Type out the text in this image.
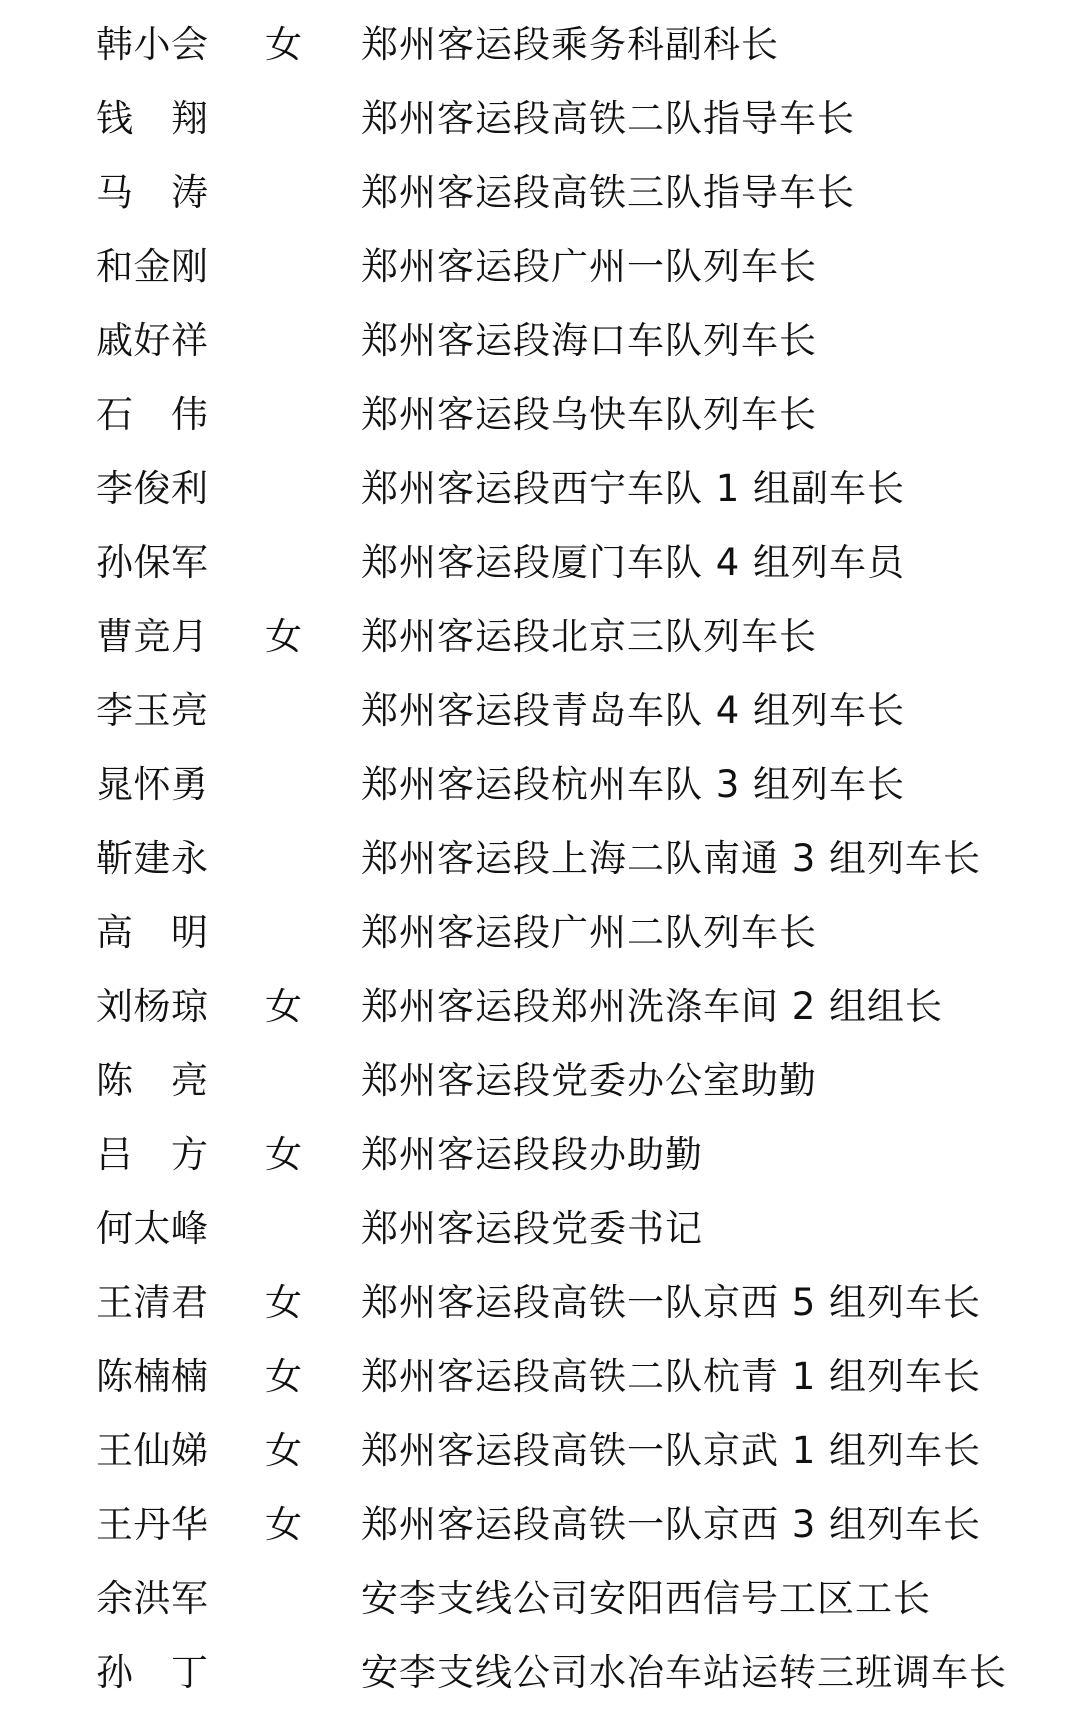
韩小会 女	郑州客运段乘务科副科长
钱　翔	郑州客运段高铁二队指导车长
马　涛	郑州客运段高铁三队指导车长
和金刚	郑州客运段广州一队列车长
戚好祥	郑州客运段海口车队列车长
石　伟	郑州客运段乌快车队列车长
李俊利	郑州客运段西宁车队 1 组副车长
孙保军	郑州客运段厦门车队 4 组列车员
曹竞月 女	郑州客运段北京三队列车长
李玉亮	郑州客运段青岛车队 4 组列车长
晁怀勇	郑州客运段杭州车队 3 组列车长
靳建永	郑州客运段上海二队南通 3 组列车长
高　明	郑州客运段广州二队列车长
刘杨琼 女	郑州客运段郑州洗涤车间 2 组组长
陈　亮	郑州客运段党委办公室助勤
吕　方 女	郑州客运段段办助勤
何太峰	郑州客运段党委书记
王清君 女	郑州客运段高铁一队京西 5 组列车长
陈楠楠 女	郑州客运段高铁二队杭青 1 组列车长
王仙娣 女	郑州客运段高铁一队京武 1 组列车长
王丹华 女	郑州客运段高铁一队京西 3 组列车长
余洪军	安李支线公司安阳西信号工区工长
孙　丁	安李支线公司水冶车站运转三班调车长
